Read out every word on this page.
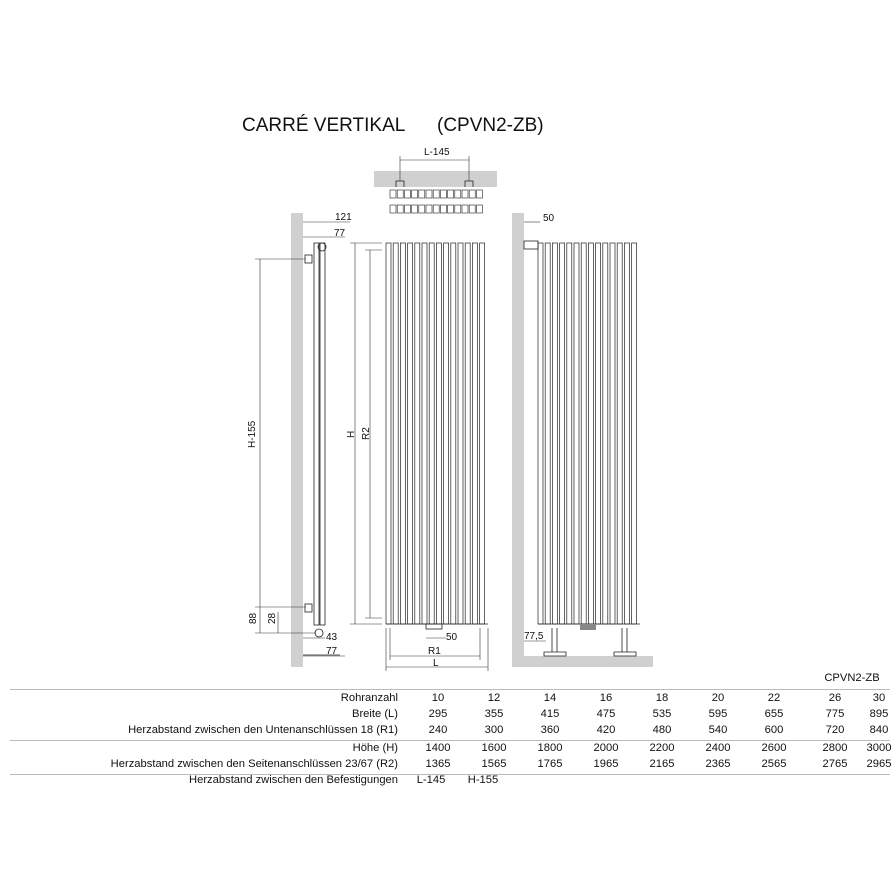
CARRÉ VERTIKAL (CPVN2-ZB)
L-145
121
77
H-155
88 28
43
77
H R2
50
R1
L
50
77,5
CPVN2-ZB
Rohranzahl	10	12	14	16	18	20	22	26	30
Breite (L)	295	355	415	475	535	595	655	775	895
Herzabstand zwischen den Untenanschlüssen 18 (R1)	240	300	360	420	480	540	600	720	840
Höhe (H)	1400	1600	1800	2000	2200	2400	2600	2800	3000
Herzabstand zwischen den Seitenanschlüssen 23/67 (R2)	1365	1565	1765	1965	2165	2365	2565	2765	2965
Herzabstand zwischen den Befestigungen	L-145	H-155
